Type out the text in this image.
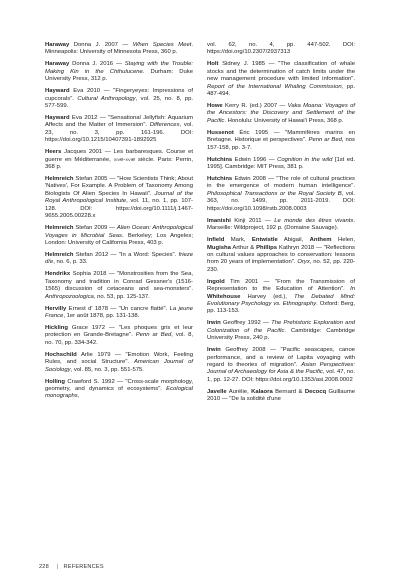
Haraway Donna J. 2007 — When Species Meet. Minneapolis: University of Minnesota Press, 360 p.

Haraway Donna J. 2016 — Staying with the Trouble: Making Kin in the Chthulucene. Durham: Duke University Press, 312 p.

Hayward Eva 2010 — "Fingeryeyes: Impressions of cupcorals". Cultural Anthropology, vol. 25, no. 8, pp. 577-599.

Hayward Eva 2012 — "Sensational Jellyfish: Aquarium Affects and the Matter of Immersion". Differences, vol. 23, no. 3, pp. 161-196. DOI: https://doi.org/10.1215/10407391-1892925

Heers Jacques 2001 — Les barbaresques. Course et guerre en Méditerranée, xive-xvie siècle. Paris: Perrin, 368 p.

Helmreich Stefan 2005 — "How Scientists Think; About 'Natives', For Example. A Problem of Taxonomy Among Biologists Of Alien Species In Hawaii". Journal of the Royal Anthropological Institute, vol. 11, no. 1, pp. 107-128. DOI: https://doi.org/10.1111/j.1467-9655.2005.00228.x

Helmreich Stefan 2009 — Alien Ocean: Anthropological Voyages in Microbial Seas. Berkeley; Los Angeles; London: University of California Press, 403 p.

Helmreich Stefan 2012 — "In a Word: Species". frieze d/e, no. 6, p. 33.

Hendrikx Sophia 2018 — "Monstrosities from the Sea, Taxonomy and tradition in Conrad Gessner's (1516-1565) discussion of cetaceans and sea-monsters". Anthropozoologica, no. 53, pp. 125-137.

Hervilly Ernest d' 1878 — "Un cancre flatté". La jeune France, 1er août 1878, pp. 131-138.

Hickling Grace 1972 — "Les phoques gris et leur protection en Grande-Bretagne". Penn ar Bed, vol. 8, no. 70, pp. 334-342.

Hochschild Arlie 1979 — "Emotion Work, Feeling Rules, and social Structure". American Journal of Sociology, vol. 85, no. 3, pp. 551-575.

Holling Crawford S. 1992 — "Cross-scale morphology, geometry, and dynamics of ecosystems". Ecological monographs,

vol. 62, no. 4, pp. 447-502. DOI: https://doi.org/10.2307/2937313

Holt Sidney J. 1985 — "The classification of whale stocks and the determination of catch limits under the new management procedure with limited information". Report of the International Whaling Commission, pp. 487-494.

Howe Kerry R. (ed.) 2007 — Vaka Moana: Voyages of the Ancestors: the Discovery and Settlement of the Pacific. Honolulu: University of Hawai'i Press, 368 p.

Hussenot Éric 1995 — "Mammifères marins en Bretagne. Historique et perspectives". Penn ar Bed, nos 157-158, pp. 3-7.

Hutchins Edwin 1996 — Cognition in the wild [1st ed. 1995]. Cambridge: MIT Press, 381 p.

Hutchins Edwin 2008 — "The role of cultural practices in the emergence of modern human intelligence". Philosophical Transactions or the Royal Society B, vol. 363, no. 1499, pp. 2011-2019. DOI: https://doi.org/10.1098/rstb.2008.0003

Imanishi Kinji 2011 — Le monde des êtres vivants. Marseille: Wildproject, 192 p. (Domaine Sauvage).

Infield Mark, Entwistle Abigail, Anthem Helen, Mugisha Arthur & Phillips Kathryn 2018 — "Reflections on cultural values approaches to conservation: lessons from 20 years of implementation". Oryx, no. 52, pp. 220-230.

Ingold Tim 2001 — "From the Transmission of Representation to the Education of Attention". In Whitehouse Harvey (ed.), The Debated Mind: Evolutionary Psychology vs. Ethnography. Oxford: Berg, pp. 113-153.

Irwin Geoffrey 1992 — The Prehistoric Exploration and Colonization of the Pacific. Cambridge: Cambridge University Press, 240 p.

Irwin Geoffrey 2008 — "Pacific seascapes, canoe performance, and a review of Lapita voyaging with regard to theories of migration". Asian Perspectives: Journal of Archaeology for Asia & the Pacific, vol. 47, no. 1, pp. 12-27. DOI: https://doi.org/10.1353/asi.2008.0002

Javelle Aurélie, Kalaora Bernard & Decocq Guillaume 2010 — "De la solidité d'une

228 | REFERENCES
